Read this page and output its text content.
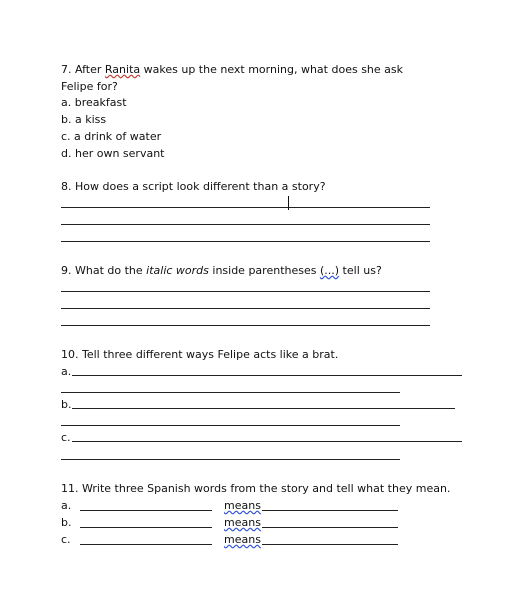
7. After Ranita wakes up the next morning, what does she ask
Felipe for?
a. breakfast
b. a kiss
c. a drink of water
d. her own servant
8. How does a script look different than a story?
9. What do the italic words inside parentheses (...) tell us?
10. Tell three different ways Felipe acts like a brat.
a.
b.
c.
11. Write three Spanish words from the story and tell what they mean.
a.	means
b.	means
c.	means
